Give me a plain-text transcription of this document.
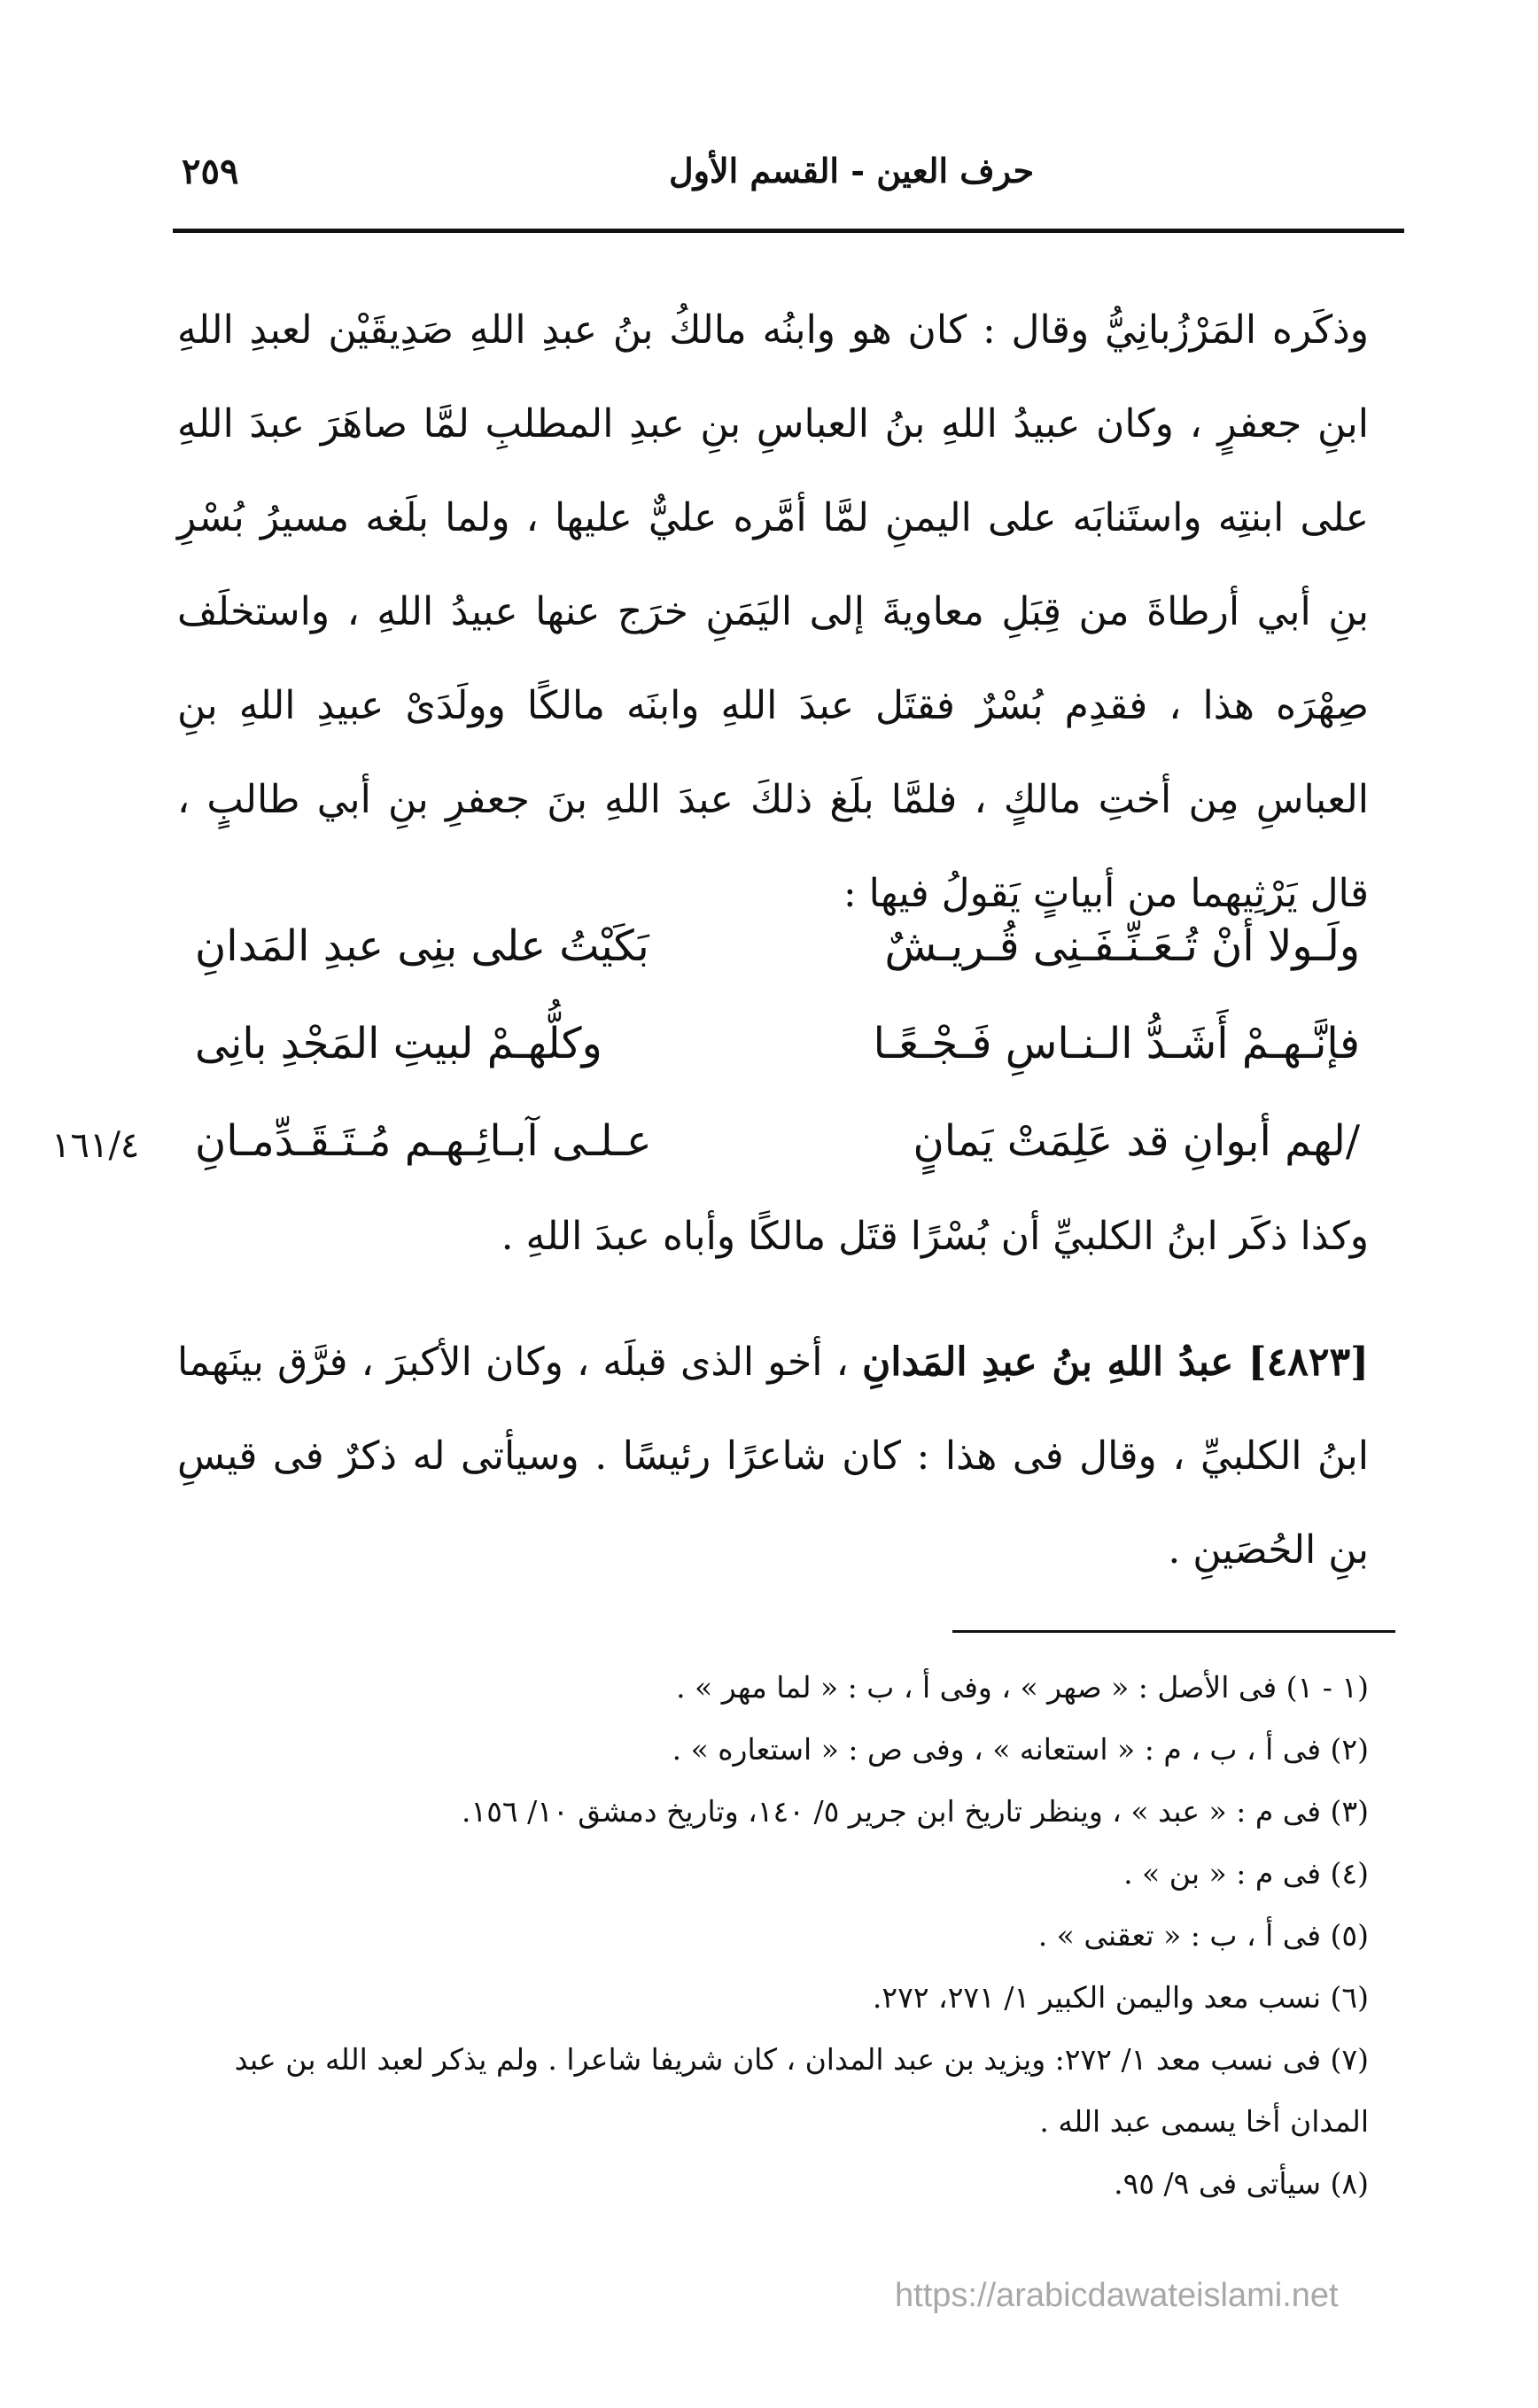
٢٥٩	حرف العين - القسم الأول
وذكَره المَرْزُبانِيُّ وقال : كان هو وابنُه مالكُ بنُ عبدِ اللهِ صَدِيقَيْن لعبدِ اللهِ ابنِ جعفرٍ ، وكان عبيدُ اللهِ بنُ العباسِ بنِ عبدِ المطلبِ لمَّا صاهَرَ عبدَ اللهِ على ابنتِه واستَنابَه على اليمنِ لمَّا أمَّره عليٌّ عليها ، ولما بلَغه مسيرُ بُسْرِ بنِ أبي أرطاةَ من قِبَلِ معاويةَ إلى اليَمَنِ خرَج عنها عبيدُ اللهِ ، واستخلَف صِهْرَه هذا ، فقدِم بُسْرٌ فقتَل عبدَ اللهِ وابنَه مالكًا وولَدَىْ عبيدِ اللهِ بنِ العباسِ مِن أختِ مالكٍ ، فلمَّا بلَغ ذلكَ عبدَ اللهِ بنَ جعفرِ بنِ أبي طالبٍ ، قال يَرْثِيهما من أبياتٍ يَقولُ فيها :
ولَـولا أنْ تُـعَـنِّـفَـنِى قُـريـشٌ
بَكَيْتُ على بنِى عبدِ المَدانِ
فإنَّـهـمْ أَشَـدُّ الـنـاسِ فَـجْـعًـا
وكلُّهـمْ لبيتِ المَجْدِ بانِى
/لهم أبوانِ قد عَلِمَتْ يَمانٍ
عـلـى آبـائِـهـم مُـتَـقَـدِّمـانِ
١٦١/٤
وكذا ذكَر ابنُ الكلبيِّ أن بُسْرًا قتَل مالكًا وأباه عبدَ اللهِ .
[٤٨٢٣] عبدُ اللهِ بنُ عبدِ المَدانِ ، أخو الذى قبلَه ، وكان الأكبرَ ، فرَّق بينَهما ابنُ الكلبيِّ ، وقال فى هذا : كان شاعرًا رئيسًا . وسيأتى له ذكرٌ فى قيسِ بنِ الحُصَينِ .
(١ - ١) فى الأصل : « صهر » ، وفى أ ، ب : « لما مهر » .
(٢) فى أ ، ب ، م : « استعانه » ، وفى ص : « استعاره » .
(٣) فى م : « عبد » ، وينظر تاريخ ابن جرير ٥/ ١٤٠، وتاريخ دمشق ١٠/ ١٥٦.
(٤) فى م : « بن » .
(٥) فى أ ، ب : « تعقنى » .
(٦) نسب معد واليمن الكبير ١/ ٢٧١، ٢٧٢.
(٧) فى نسب معد ١/ ٢٧٢: ويزيد بن عبد المدان ، كان شريفا شاعرا . ولم يذكر لعبد الله بن عبد المدان أخا يسمى عبد الله .
(٨) سيأتى فى ٩/ ٩٥.
https://arabicdawateislami.net
